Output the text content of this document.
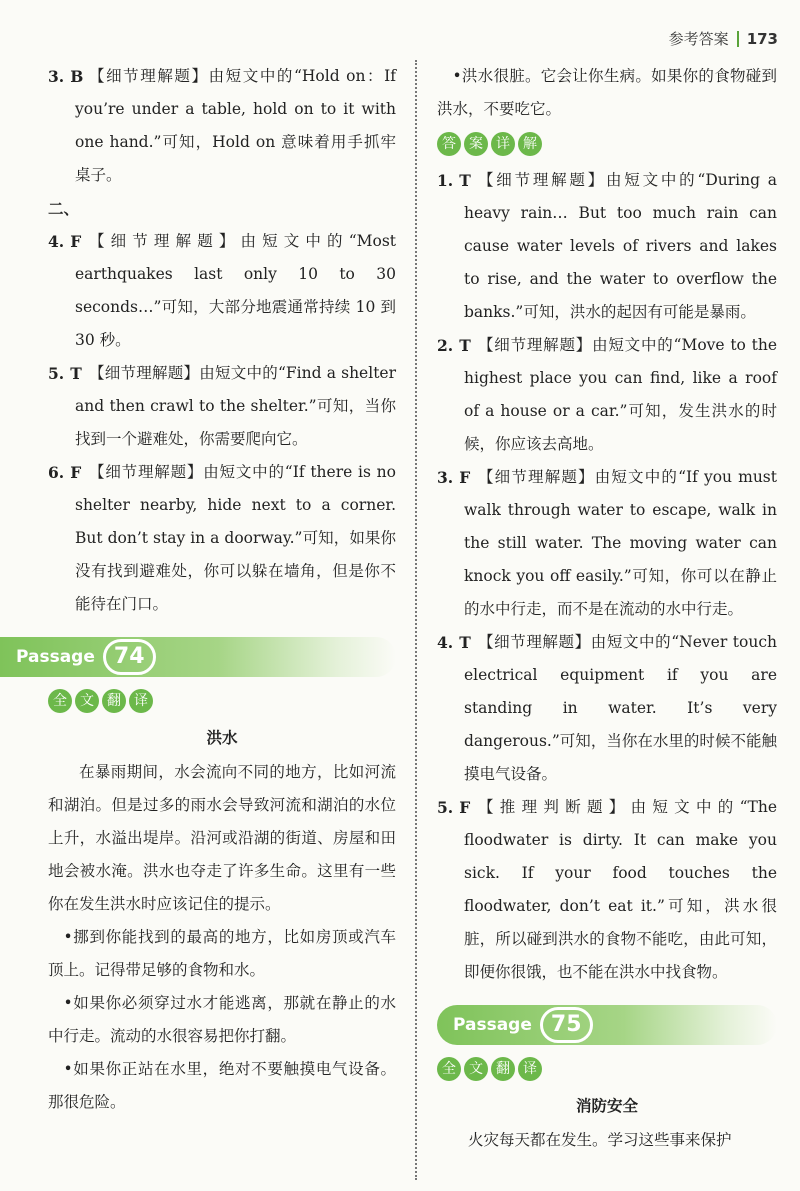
参考答案 173
3. B 【细节理解题】由短文中的“Hold on：If you’re under a table, hold on to it with one hand.”可知，Hold on 意味着用手抓牢桌子。
二、
4. F 【细节理解题】由短文中的“Most earthquakes last only 10 to 30 seconds…”可知，大部分地震通常持续 10 到 30 秒。
5. T 【细节理解题】由短文中的“Find a shelter and then crawl to the shelter.”可知，当你找到一个避难处，你需要爬向它。
6. F 【细节理解题】由短文中的“If there is no shelter nearby, hide next to a corner. But don’t stay in a doorway.”可知，如果你没有找到避难处，你可以躲在墙角，但是你不能待在门口。
Passage 74
全 文 翻 译
洪水
在暴雨期间，水会流向不同的地方，比如河流和湖泊。但是过多的雨水会导致河流和湖泊的水位上升，水溢出堤岸。沿河或沿湖的街道、房屋和田地会被水淹。洪水也夺走了许多生命。这里有一些你在发生洪水时应该记住的提示。
•挪到你能找到的最高的地方，比如房顶或汽车顶上。记得带足够的食物和水。
•如果你必须穿过水才能逃离，那就在静止的水中行走。流动的水很容易把你打翻。
•如果你正站在水里，绝对不要触摸电气设备。那很危险。
•洪水很脏。它会让你生病。如果你的食物碰到洪水，不要吃它。
答 案 详 解
1. T 【细节理解题】由短文中的“During a heavy rain… But too much rain can cause water levels of rivers and lakes to rise, and the water to overflow the banks.”可知，洪水的起因有可能是暴雨。
2. T 【细节理解题】由短文中的“Move to the highest place you can find, like a roof of a house or a car.”可知，发生洪水的时候，你应该去高地。
3. F 【细节理解题】由短文中的“If you must walk through water to escape, walk in the still water. The moving water can knock you off easily.”可知，你可以在静止的水中行走，而不是在流动的水中行走。
4. T 【细节理解题】由短文中的“Never touch electrical equipment if you are standing in water. It’s very dangerous.”可知，当你在水里的时候不能触摸电气设备。
5. F 【推理判断题】由短文中的“The floodwater is dirty. It can make you sick. If your food touches the floodwater, don’t eat it.”可知，洪水很脏，所以碰到洪水的食物不能吃，由此可知，即便你很饿，也不能在洪水中找食物。
Passage 75
全 文 翻 译
消防安全
火灾每天都在发生。学习这些事来保护
